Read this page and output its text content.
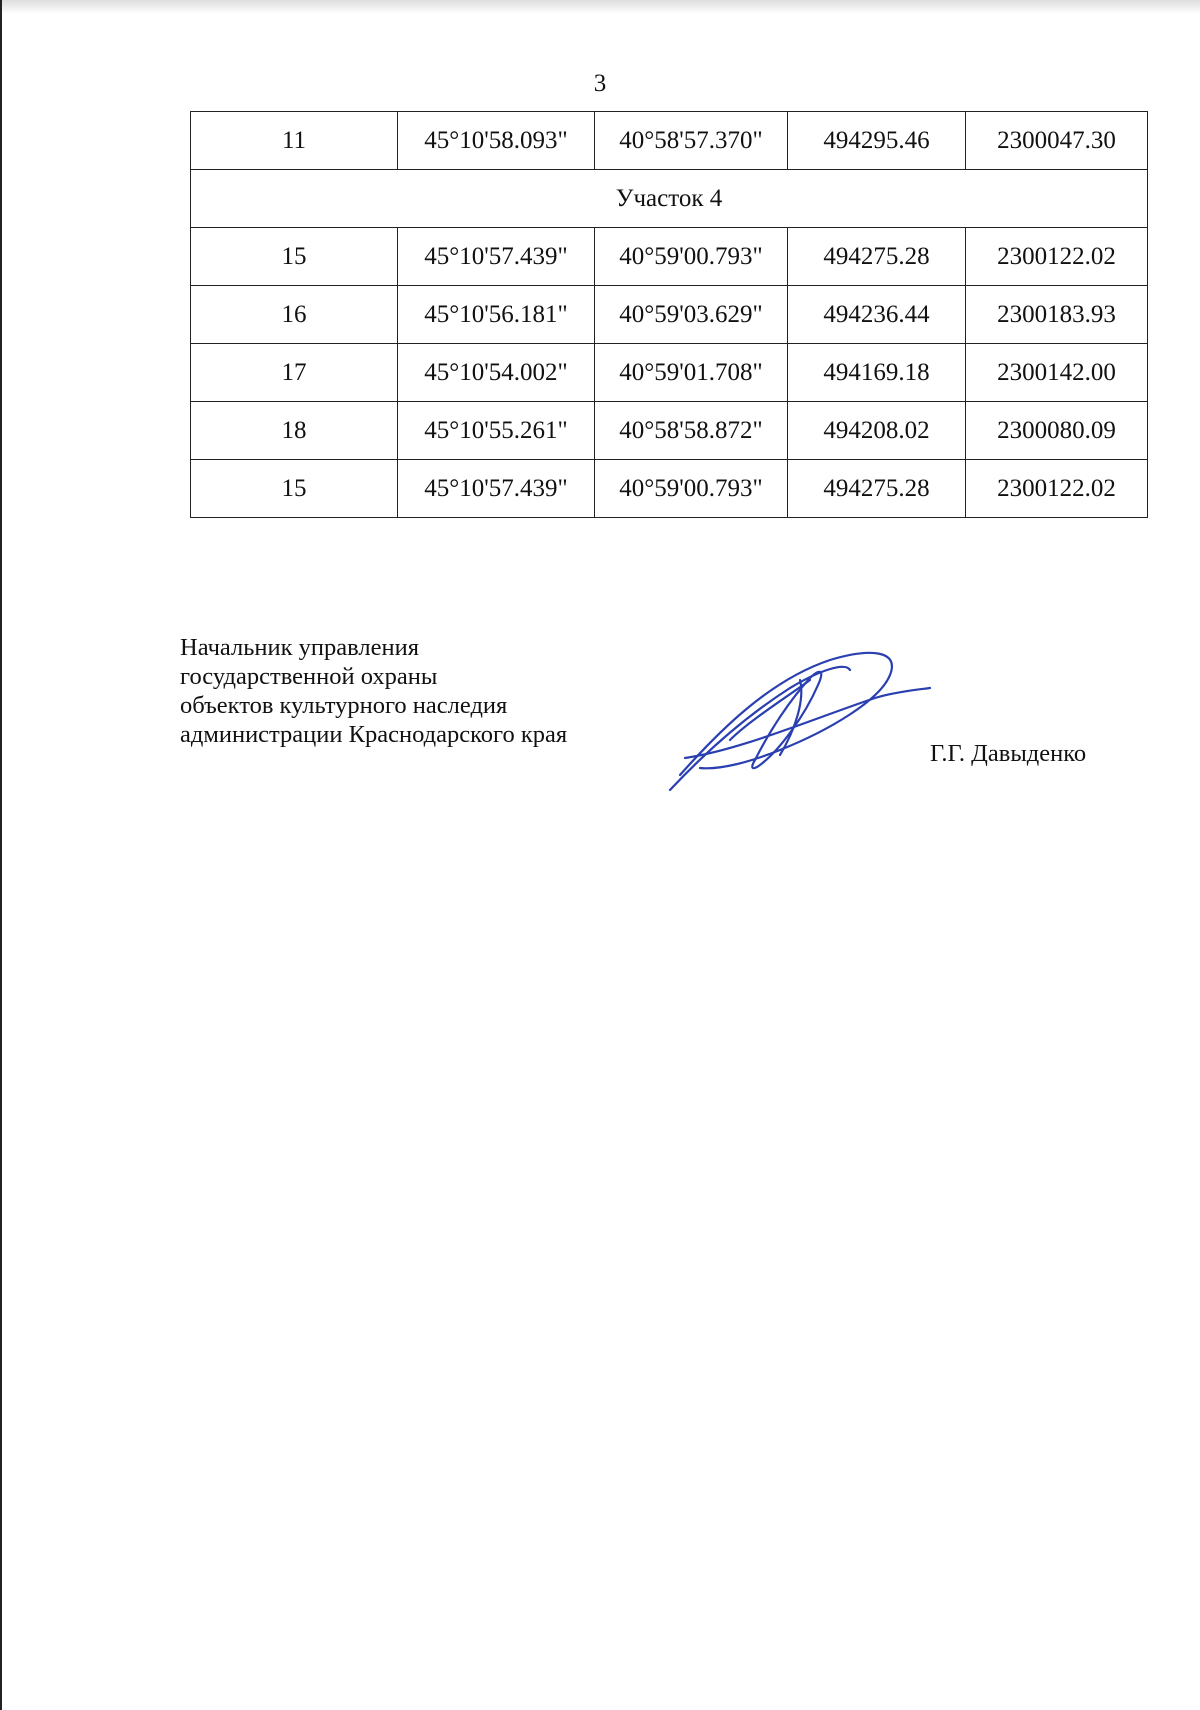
3
11	45°10'58.093"	40°58'57.370"	494295.46	2300047.30
Участок 4				
15	45°10'57.439"	40°59'00.793"	494275.28	2300122.02
16	45°10'56.181"	40°59'03.629"	494236.44	2300183.93
17	45°10'54.002"	40°59'01.708"	494169.18	2300142.00
18	45°10'55.261"	40°58'58.872"	494208.02	2300080.09
15	45°10'57.439"	40°59'00.793"	494275.28	2300122.02
Начальник управления
государственной охраны
объектов культурного наследия
администрации Краснодарского края
Г.Г. Давыденко
